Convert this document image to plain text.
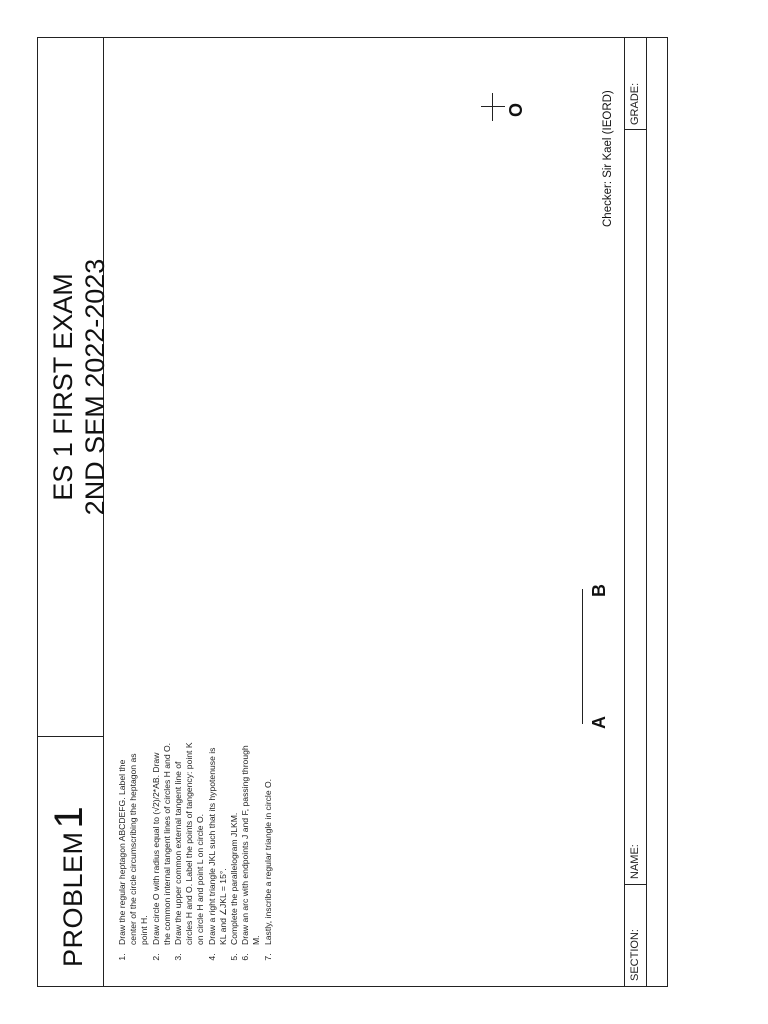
PROBLEM1
ES 1 FIRST EXAM 2ND SEM 2022-2023
1. Draw the regular heptagon ABCDEFG. Label the center of the circle circumscribing the heptagon as point H. 2. Draw circle O with radius equal to (√2)/2*AB. Draw the common internal tangent lines of circles H and O. 3. Draw the upper common external tangent line of circles H and O. Label the points of tangency: point K on circle H and point L on circle O. 4. Draw a right triangle JKL such that its hypotenuse is KL and ∠JKL = 15°. 5. Complete the parallelogram JLKM. 6. Draw an arc with endpoints J and F, passing through M. 7. Lastly, inscribe a regular triangle in circle O.
A
B
O	Checker: Sir Kael (IEORD)
SECTION:
NAME:
GRADE:
